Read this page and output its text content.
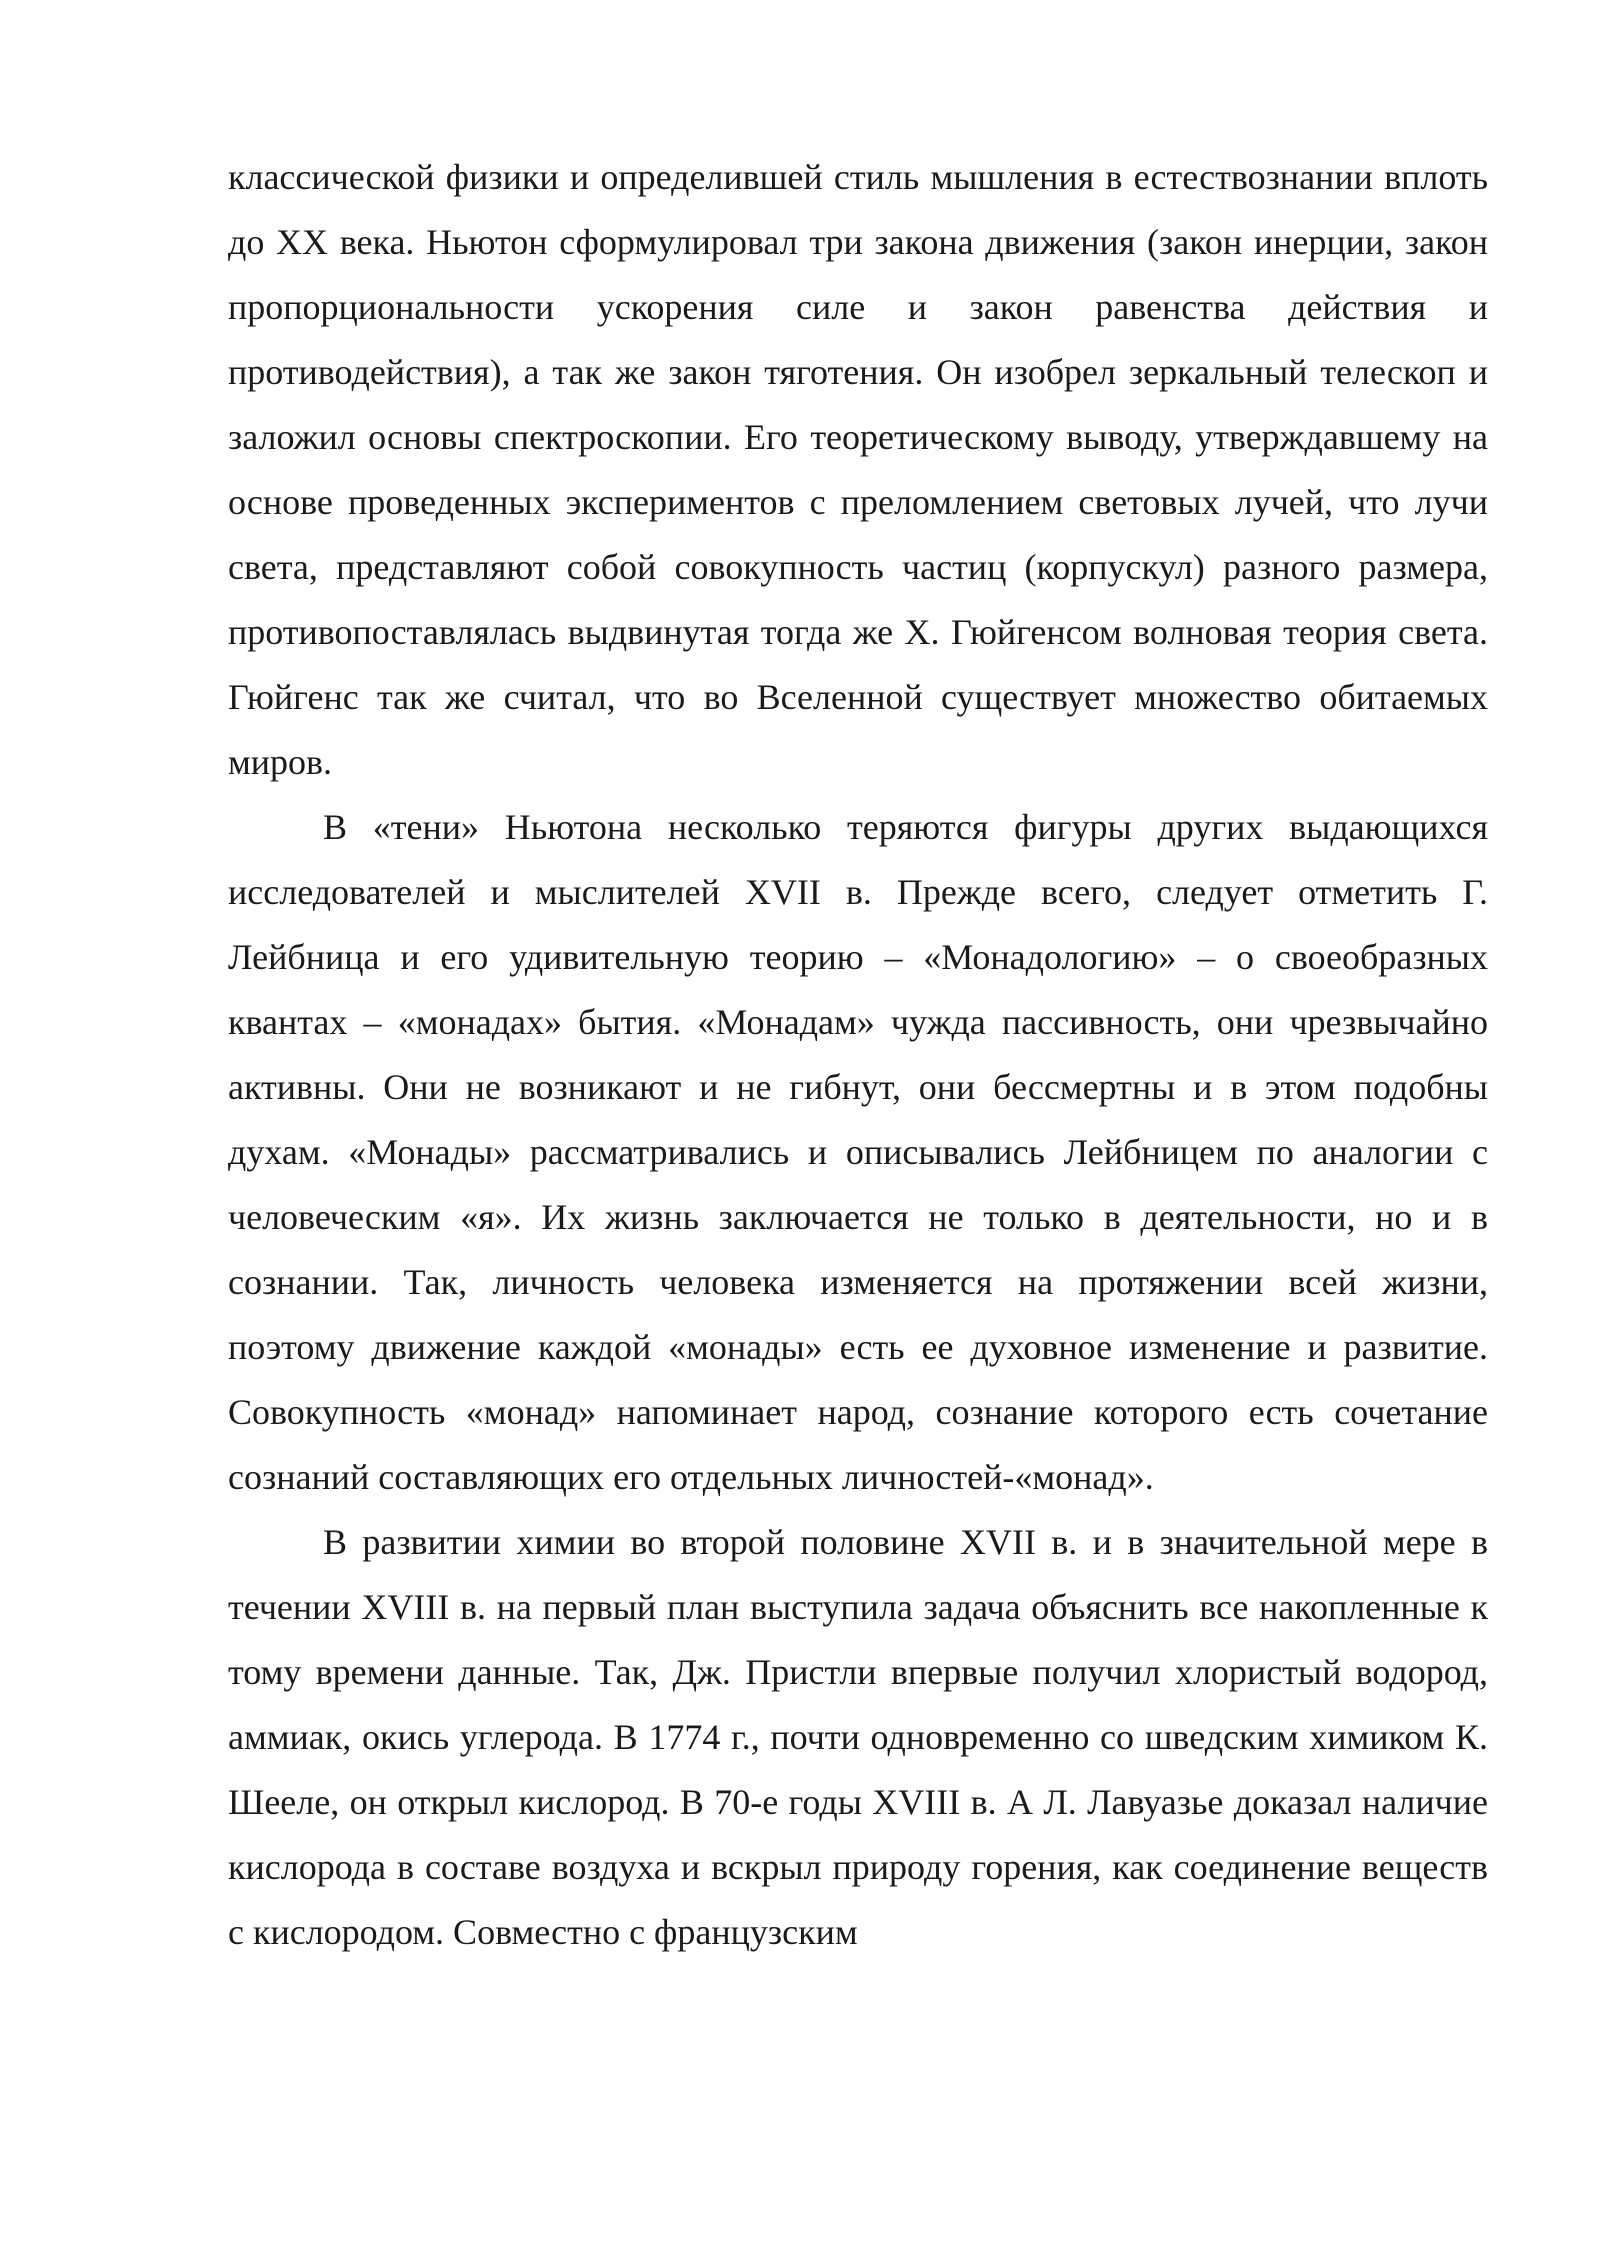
классической физики и определившей стиль мышления в естествознании вплоть до XX века. Ньютон сформулировал три закона движения (закон инерции, закон пропорциональности ускорения силе и закон равенства действия и противодействия), а так же закон тяготения. Он изобрел зеркальный телескоп и заложил основы спектроскопии. Его теоретическому выводу, утверждавшему на основе проведенных экспериментов с преломлением световых лучей, что лучи света, представляют собой совокупность частиц (корпускул) разного размера, противопоставлялась выдвинутая тогда же Х. Гюйгенсом волновая теория света. Гюйгенс так же считал, что во Вселенной существует множество обитаемых миров.

В «тени» Ньютона несколько теряются фигуры других выдающихся исследователей и мыслителей XVII в. Прежде всего, следует отметить Г. Лейбница и его удивительную теорию – «Монадологию» – о своеобразных квантах – «монадах» бытия. «Монадам» чужда пассивность, они чрезвычайно активны. Они не возникают и не гибнут, они бессмертны и в этом подобны духам. «Монады» рассматривались и описывались Лейбницем по аналогии с человеческим «я». Их жизнь заключается не только в деятельности, но и в сознании. Так, личность человека изменяется на протяжении всей жизни, поэтому движение каждой «монады» есть ее духовное изменение и развитие. Совокупность «монад» напоминает народ, сознание которого есть сочетание сознаний составляющих его отдельных личностей-«монад».

В развитии химии во второй половине XVII в. и в значительной мере в течении XVIII в. на первый план выступила задача объяснить все накопленные к тому времени данные. Так, Дж. Пристли впервые получил хлористый водород, аммиак, окись углерода. В 1774 г., почти одновременно со шведским химиком К. Шееле, он открыл кислород. В 70-е годы XVIII в. А Л. Лавуазье доказал наличие кислорода в составе воздуха и вскрыл природу горения, как соединение веществ с кислородом. Совместно с французским
